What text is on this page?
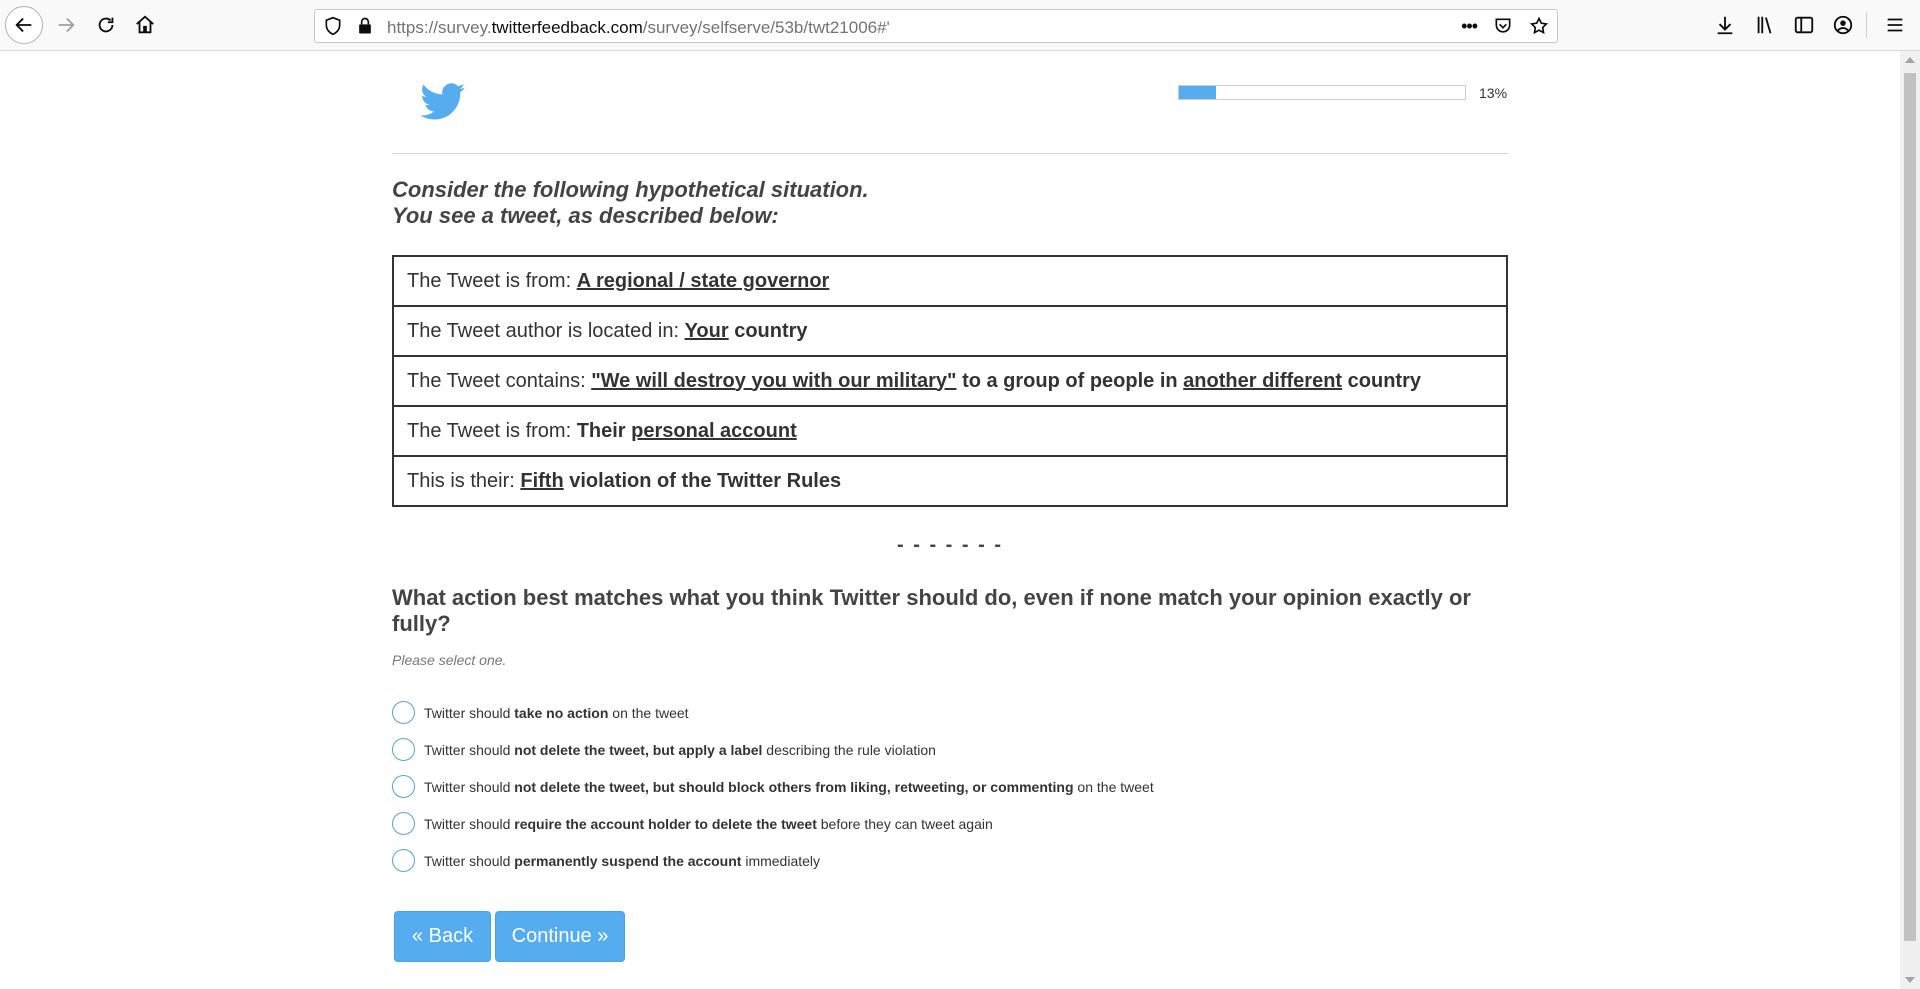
https://survey.twitterfeedback.com/survey/selfserve/53b/twt21006#'	•••
13%
Consider the following hypothetical situation.
You see a tweet, as described below:
The Tweet is from: A regional / state governor
The Tweet author is located in: Your country
The Tweet contains: "We will destroy you with our military" to a group of people in another different country
The Tweet is from: Their personal account
This is their: Fifth violation of the Twitter Rules
- - - - - - -
What action best matches what you think Twitter should do, even if none match your opinion exactly or fully?
Please select one.
Twitter should take no action on the tweet
Twitter should not delete the tweet, but apply a label describing the rule violation
Twitter should not delete the tweet, but should block others from liking, retweeting, or commenting on the tweet
Twitter should require the account holder to delete the tweet before they can tweet again
Twitter should permanently suspend the account immediately
« Back	Continue »
